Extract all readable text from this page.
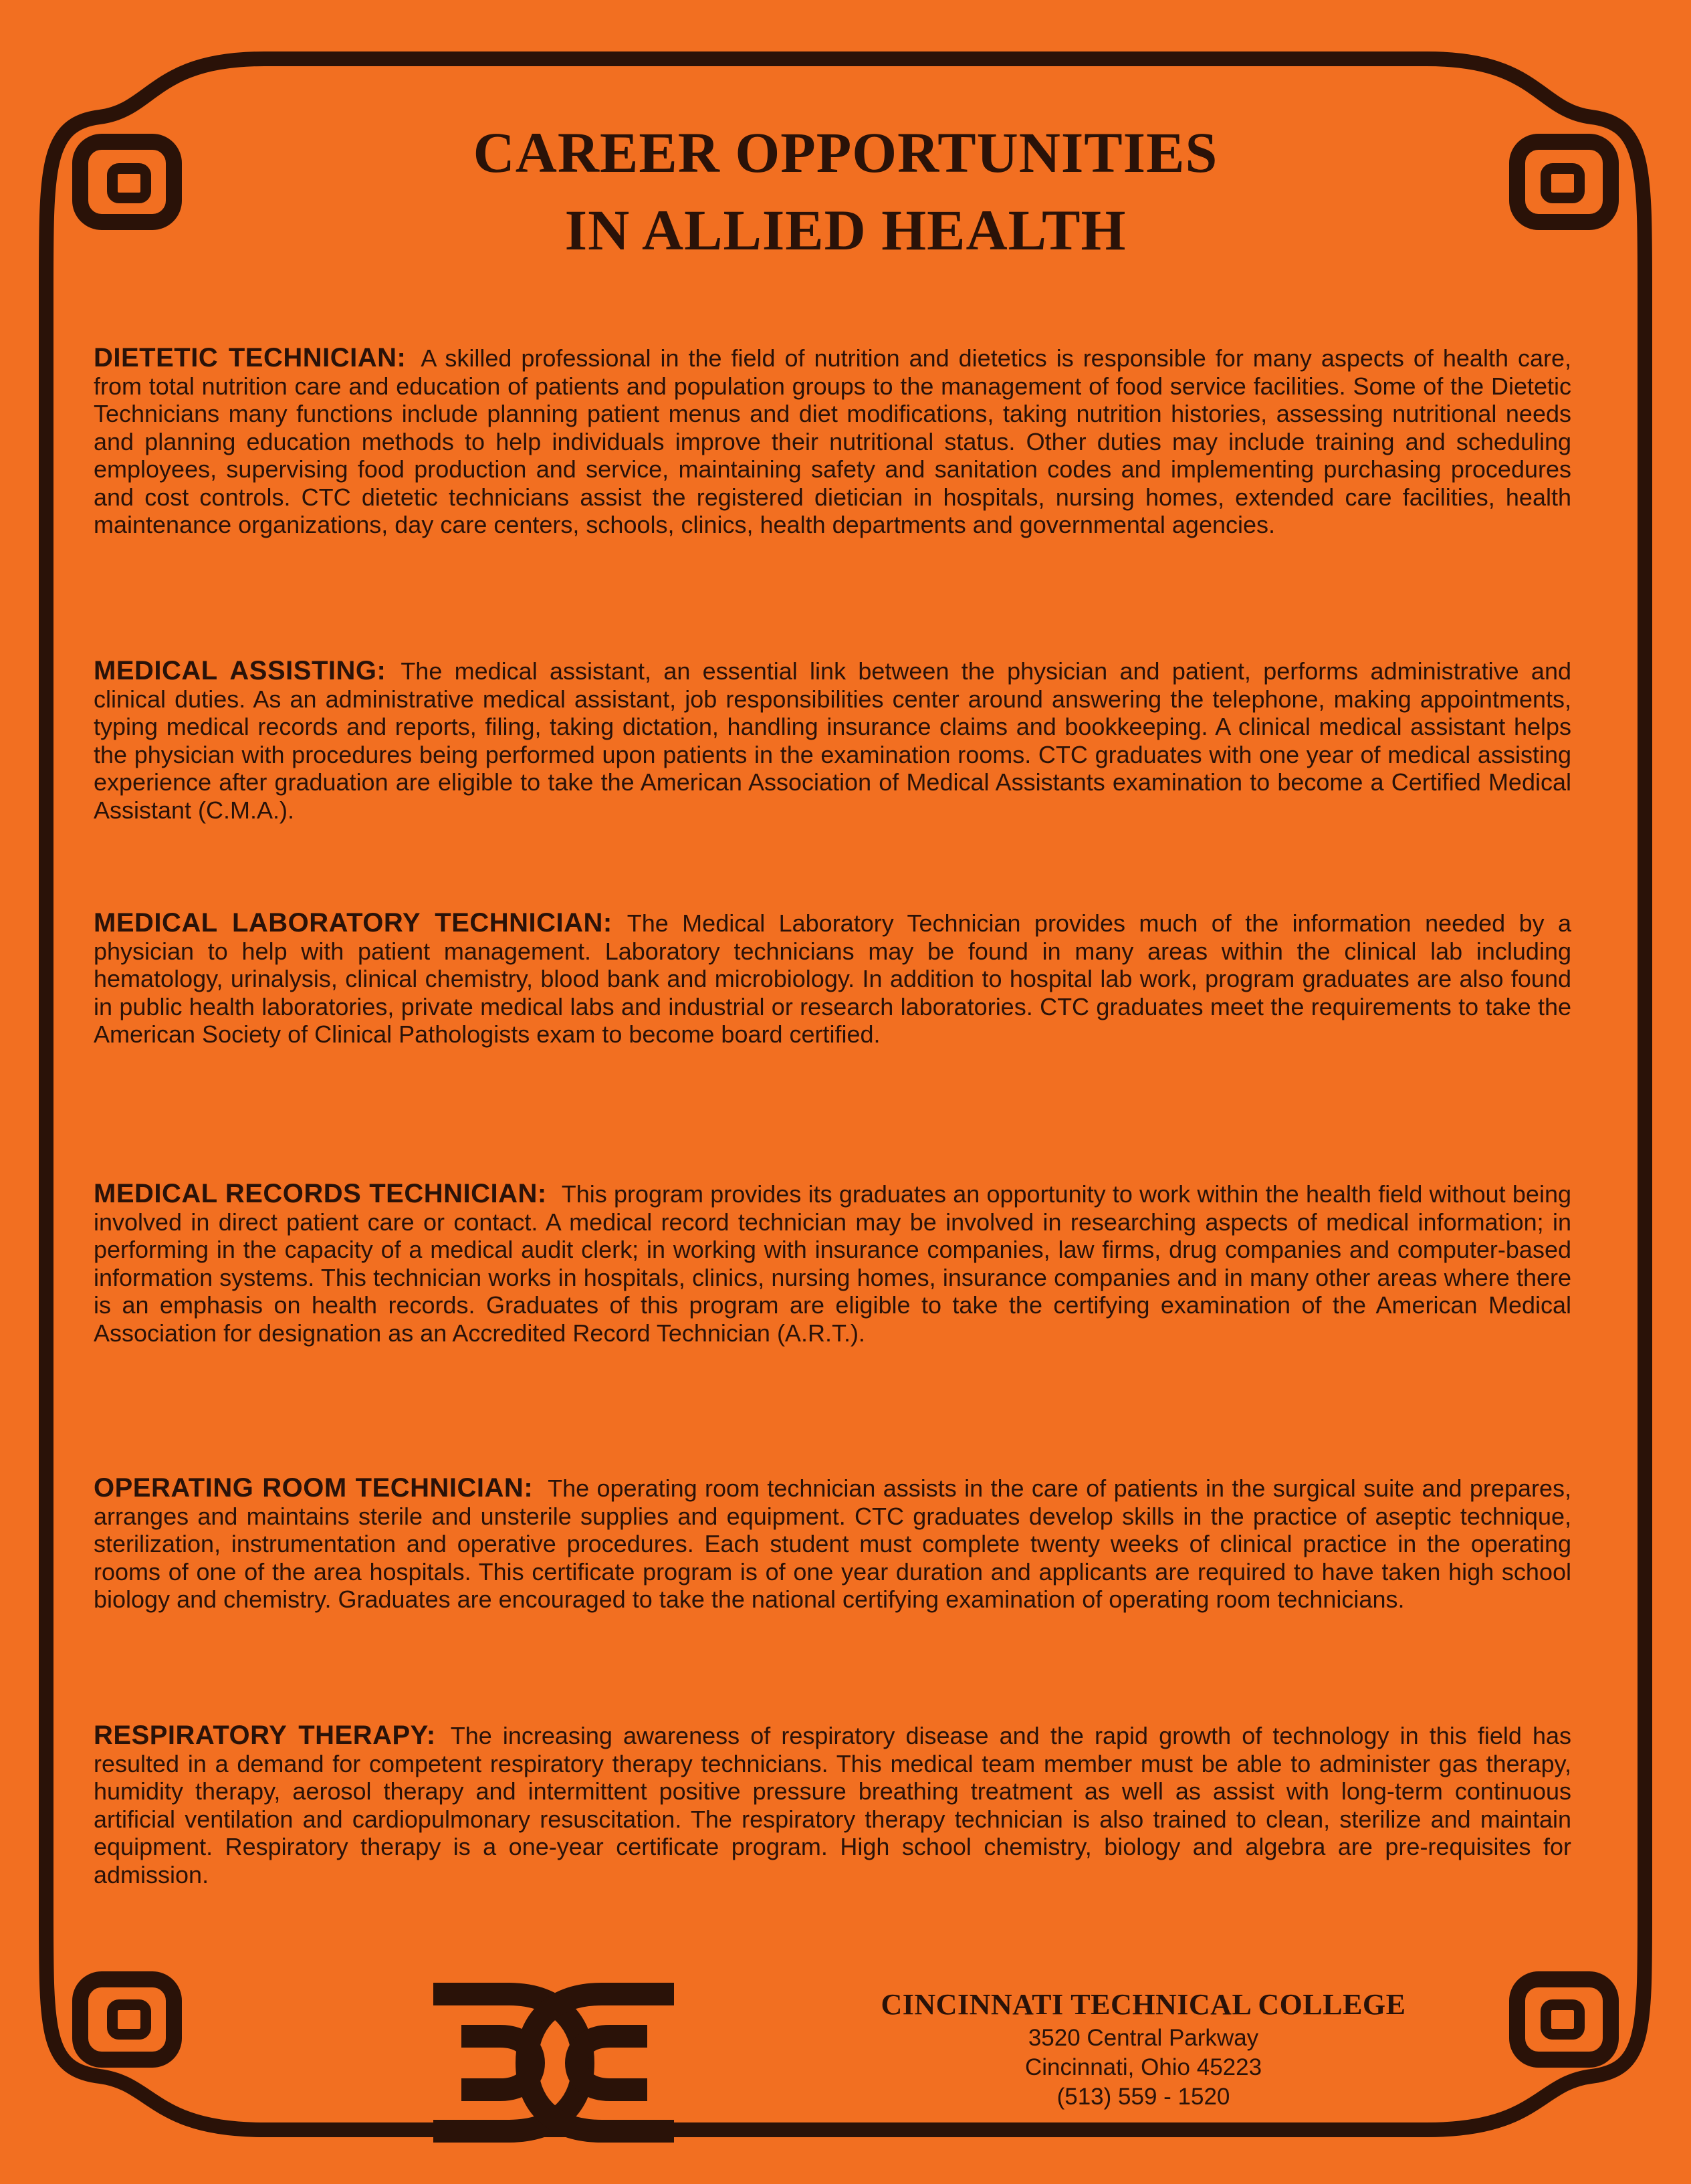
CAREER OPPORTUNITIES
IN ALLIED HEALTH

DIETETIC TECHNICIAN: A skilled professional in the field of nutrition and dietetics is responsible for many aspects of health care, from total nutrition care and education of patients and population groups to the management of food service facilities. Some of the Dietetic Technicians many functions include planning patient menus and diet modifications, taking nutrition histories, assessing nutritional needs and planning education methods to help individuals improve their nutritional status. Other duties may include training and scheduling employees, supervising food production and service, maintaining safety and sanitation codes and implementing purchasing procedures and cost controls. CTC dietetic technicians assist the registered dietician in hospitals, nursing homes, extended care facilities, health maintenance organizations, day care centers, schools, clinics, health departments and governmental agencies.

MEDICAL ASSISTING: The medical assistant, an essential link between the physician and patient, performs administrative and clinical duties. As an administrative medical assistant, job responsibilities center around answering the telephone, making appointments, typing medical records and reports, filing, taking dictation, handling insurance claims and bookkeeping. A clinical medical assistant helps the physician with procedures being performed upon patients in the examination rooms. CTC graduates with one year of medical assisting experience after graduation are eligible to take the American Association of Medical Assistants examination to become a Certified Medical Assistant (C.M.A.).

MEDICAL LABORATORY TECHNICIAN: The Medical Laboratory Technician provides much of the information needed by a physician to help with patient management. Laboratory technicians may be found in many areas within the clinical lab including hematology, urinalysis, clinical chemistry, blood bank and microbiology. In addition to hospital lab work, program graduates are also found in public health laboratories, private medical labs and industrial or research laboratories. CTC graduates meet the requirements to take the American Society of Clinical Pathologists exam to become board certified.

MEDICAL RECORDS TECHNICIAN: This program provides its graduates an opportunity to work within the health field without being involved in direct patient care or contact. A medical record technician may be involved in researching aspects of medical information; in performing in the capacity of a medical audit clerk; in working with insurance companies, law firms, drug companies and computer-based information systems. This technician works in hospitals, clinics, nursing homes, insurance companies and in many other areas where there is an emphasis on health records. Graduates of this program are eligible to take the certifying examination of the American Medical Association for designation as an Accredited Record Technician (A.R.T.).

OPERATING ROOM TECHNICIAN: The operating room technician assists in the care of patients in the surgical suite and prepares, arranges and maintains sterile and unsterile supplies and equipment. CTC graduates develop skills in the practice of aseptic technique, sterilization, instrumentation and operative procedures. Each student must complete twenty weeks of clinical practice in the operating rooms of one of the area hospitals. This certificate program is of one year duration and applicants are required to have taken high school biology and chemistry. Graduates are encouraged to take the national certifying examination of operating room technicians.

RESPIRATORY THERAPY: The increasing awareness of respiratory disease and the rapid growth of technology in this field has resulted in a demand for competent respiratory therapy technicians. This medical team member must be able to administer gas therapy, humidity therapy, aerosol therapy and intermittent positive pressure breathing treatment as well as assist with long-term continuous artificial ventilation and cardiopulmonary resuscitation. The respiratory therapy technician is also trained to clean, sterilize and maintain equipment. Respiratory therapy is a one-year certificate program. High school chemistry, biology and algebra are pre-requisites for admission.

CINCINNATI TECHNICAL COLLEGE
3520 Central Parkway
Cincinnati, Ohio 45223
(513) 559 - 1520
